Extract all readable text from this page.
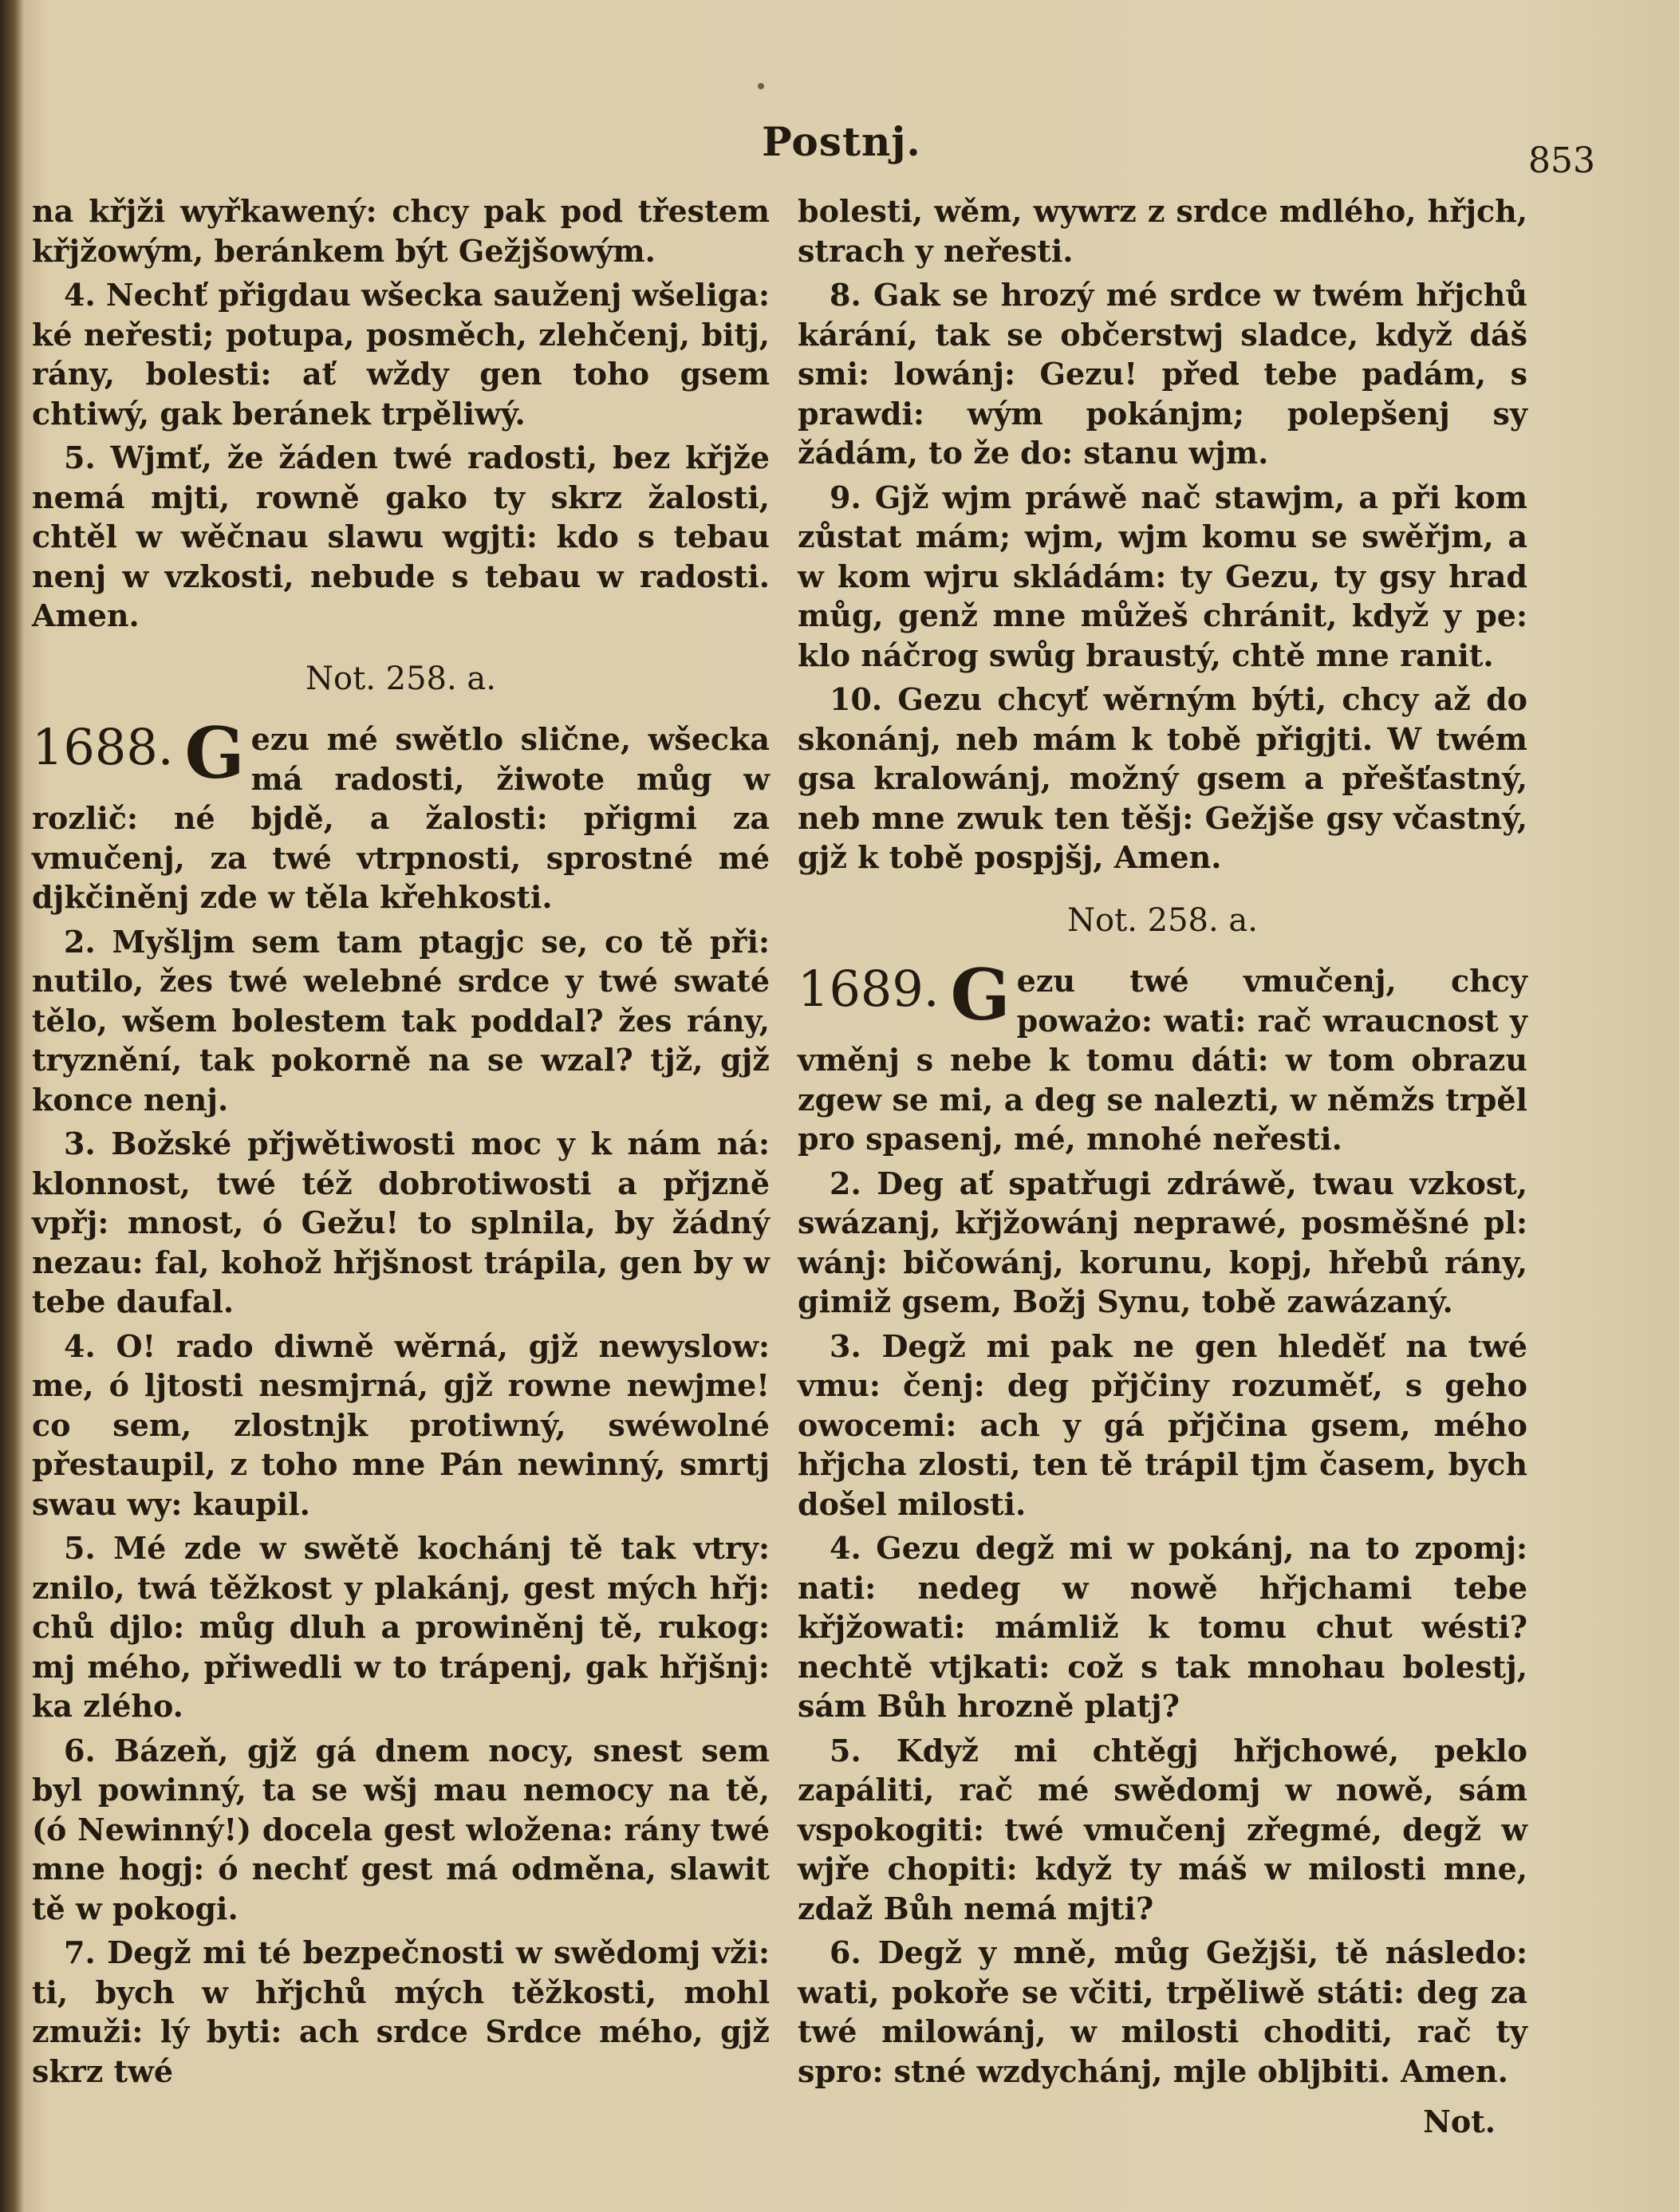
Postnj.	853

na křjži wyřkawený: chcy pak pod třestem křjžowým, beránkem být Gežjšowým.

4. Nechť přigdau wšecka sauženj wšeliga: ké neřesti; potupa, posměch, zlehčenj, bitj, rány, bolesti: ať wždy gen toho gsem chtiwý, gak beránek trpěliwý.

5. Wjmť, že žáden twé radosti, bez křjže nemá mjti, rowně gako ty skrz žalosti, chtěl w wěčnau slawu wgjti: kdo s tebau nenj w vzkosti, nebude s tebau w radosti. Amen.

Not. 258. a.
1688. G ezu mé swětlo slične, wšecka má radosti, žiwote můg w rozlič: né bjdě, a žalosti: přigmi za vmučenj, za twé vtrpnosti, sprostné mé djkčiněnj zde w těla křehkosti.

2. Myšljm sem tam ptagjc se, co tě při: nutilo, žes twé welebné srdce y twé swaté tělo, wšem bolestem tak poddal? žes rány, tryznění, tak pokorně na se wzal? tjž, gjž konce nenj.

3. Božské přjwětiwosti moc y k nám ná: klonnost, twé též dobrotiwosti a přjzně vpřj: mnost, ó Gežu! to splnila, by žádný nezau: fal, kohož hřjšnost trápila, gen by w tebe daufal.

4. O! rado diwně wěrná, gjž newyslow: me, ó ljtosti nesmjrná, gjž rowne newjme! co sem, zlostnjk protiwný, swéwolné přestaupil, z toho mne Pán newinný, smrtj swau wy: kaupil.

5. Mé zde w swětě kochánj tě tak vtry: znilo, twá těžkost y plakánj, gest mých hřj: chů djlo: můg dluh a prowiněnj tě, rukog: mj mého, přiwedli w to trápenj, gak hřjšnj: ka zlého.

6. Bázeň, gjž gá dnem nocy, snest sem byl powinný, ta se wšj mau nemocy na tě, (ó Newinný!) docela gest wložena: rány twé mne hogj: ó nechť gest má odměna, slawit tě w pokogi.

7. Degž mi té bezpečnosti w swědomj vži: ti, bych w hřjchů mých těžkosti, mohl zmuži: lý byti: ach srdce Srdce mého, gjž skrz twé

bolesti, wěm, wywrz z srdce mdlého, hřjch, strach y neřesti.

8. Gak se hrozý mé srdce w twém hřjchů kárání, tak se občerstwj sladce, když dáš smi: lowánj: Gezu! před tebe padám, s prawdi: wým pokánjm; polepšenj sy žádám, to že do: stanu wjm.

9. Gjž wjm práwě nač stawjm, a při kom zůstat mám; wjm, wjm komu se swěřjm, a w kom wjru skládám: ty Gezu, ty gsy hrad můg, genž mne můžeš chránit, když y pe: klo náčrog swůg braustý, chtě mne ranit.

10. Gezu chcyť wěrným býti, chcy až do skonánj, neb mám k tobě přigjti. W twém gsa kralowánj, možný gsem a přešťastný, neb mne zwuk ten těšj: Gežjše gsy včastný, gjž k tobě pospjšj, Amen.

Not. 258. a.
1689. G ezu twé vmučenj, chcy poważo: wati: rač wraucnost y vměnj s nebe k tomu dáti: w tom obrazu zgew se mi, a deg se nalezti, w němžs trpěl pro spasenj, mé, mnohé neřesti.

2. Deg ať spatřugi zdráwě, twau vzkost, swázanj, křjžowánj neprawé, posměšné pl: wánj: bičowánj, korunu, kopj, hřebů rány, gimiž gsem, Božj Synu, tobě zawázaný.

3. Degž mi pak ne gen hleděť na twé vmu: čenj: deg přjčiny rozuměť, s geho owocemi: ach y gá přjčina gsem, mého hřjcha zlosti, ten tě trápil tjm časem, bych došel milosti.

4. Gezu degž mi w pokánj, na to zpomj: nati: nedeg w nowě hřjchami tebe křjžowati: mámliž k tomu chut wésti? nechtě vtjkati: což s tak mnohau bolestj, sám Bůh hrozně platj?

5. Když mi chtěgj hřjchowé, peklo zapáliti, rač mé swědomj w nowě, sám vspokogiti: twé vmučenj zřegmé, degž w wjře chopiti: když ty máš w milosti mne, zdaž Bůh nemá mjti?

6. Degž y mně, můg Gežjši, tě následo: wati, pokoře se včiti, trpěliwě státi: deg za twé milowánj, w milosti choditi, rač ty spro: stné wzdychánj, mjle obljbiti. Amen.

Not.
